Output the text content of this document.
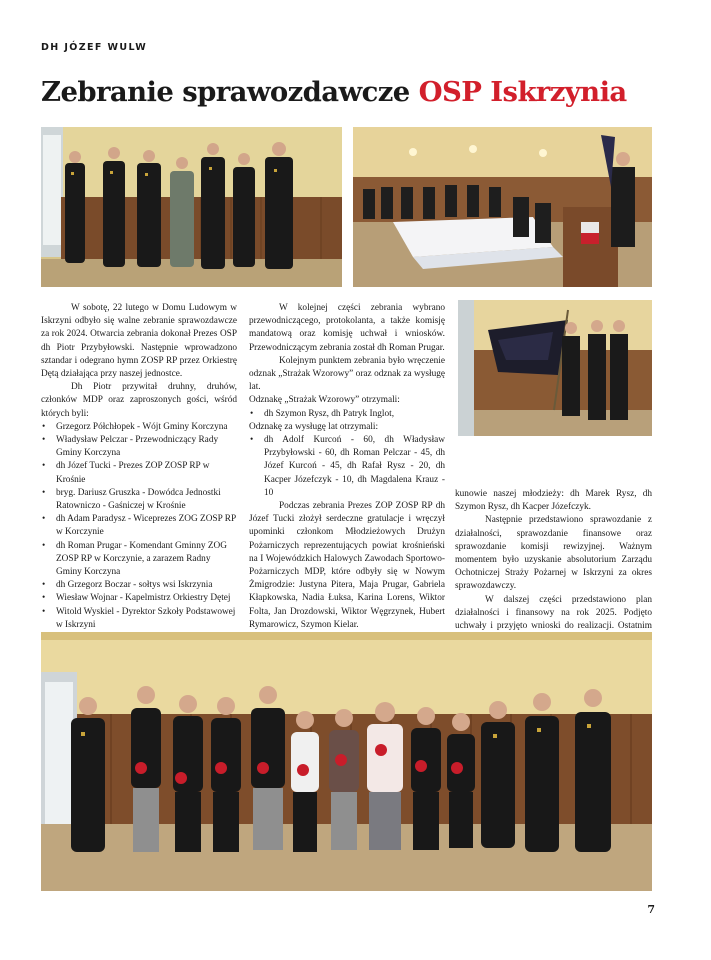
DH JÓZEF WULW
Zebranie sprawozdawcze OSP Iskrzynia

W sobotę, 22 lutego w Domu Ludowym w Iskrzyni odbyło się walne zebranie sprawozdawcze za rok 2024. Otwarcia zebrania dokonał Prezes OSP dh Piotr Przybyłowski. Następnie wprowadzono sztandar i odegrano hymn ZOSP RP przez Orkiestrę Dętą działająca przy naszej jednostce.

Dh Piotr przywitał druhny, druhów, członków MDP oraz zaproszonych gości, wśród których byli:

• Grzegorz Półchłopek - Wójt Gminy Korczyna
• Władysław Pelczar - Przewodniczący Rady Gminy Korczyna
• dh Józef Tucki - Prezes ZOP ZOSP RP w Krośnie
• bryg. Dariusz Gruszka - Dowódca Jednostki Ratowniczo - Gaśniczej w Krośnie
• dh Adam Paradysz - Wiceprezes ZOG ZOSP RP w Korczynie
• dh Roman Prugar - Komendant Gminny ZOG ZOSP RP w Korczynie, a zarazem Radny Gminy Korczyna
• dh Grzegorz Boczar - sołtys wsi Iskrzynia
• Wiesław Wojnar - Kapelmistrz Orkiestry Dętej
• Witold Wyskiel - Dyrektor Szkoły Podstawowej w Iskrzyni
•

W kolejnej części zebrania wybrano przewodniczącego, protokolanta, a także komisję mandatową oraz komisję uchwał i wniosków. Przewodniczącym zebrania został dh Roman Prugar.

Kolejnym punktem zebrania było wręczenie odznak „Strażak Wzorowy” oraz odznak za wysługę lat.

Odznakę „Strażak Wzorowy” otrzymali:

• dh Szymon Rysz, dh Patryk Inglot,

Odznakę za wysługę lat otrzymali:

• dh Adolf Kurcoń - 60, dh Władysław Przybyłowski - 60, dh Roman Pelczar - 45, dh Józef Kurcoń - 45, dh Rafał Rysz - 20, dh Kacper Józefczyk - 10, dh Magdalena Krauz - 10

Podczas zebrania Prezes ZOP ZOSP RP dh Józef Tucki złożył serdeczne gratulacje i wręczył upominki członkom Młodzieżowych Drużyn Pożarniczych reprezentujących powiat krośnieński na I Wojewódzkich Halowych Zawodach Sportowo-Pożarniczych MDP, które odbyły się w Nowym Żmigrodzie: Justyna Pitera, Maja Prugar, Gabriela Kłapkowska, Nadia Łuksa, Karina Lorens, Wiktor Folta, Jan Drozdowski, Wiktor Węgrzynek, Hubert Rymarowicz, Szymon Kielar.

kunowie naszej młodzieży: dh Marek Rysz, dh Szymon Rysz, dh Kacper Józefczyk.

Następnie przedstawiono sprawozdanie z działalności, sprawozdanie finansowe oraz sprawozdanie komisji rewizyjnej. Ważnym momentem było uzyskanie absolutorium Zarządu Ochotniczej Straży Pożarnej w Iskrzyni za okres sprawozdawczy.

W dalszej części przedstawiono plan działalności i finansowy na rok 2025. Podjęto uchwały i przyjęto wnioski do realizacji. Ostatnim

7
